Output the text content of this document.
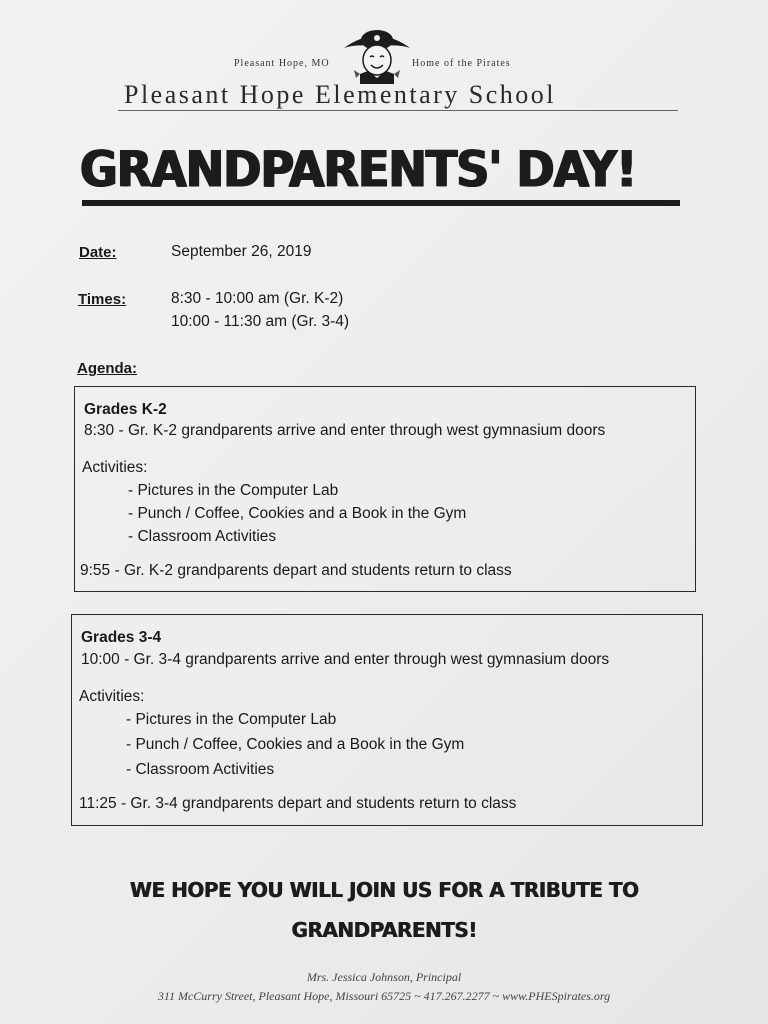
Pleasant Hope, MO	Home of the Pirates
Pleasant Hope Elementary School
GRANDPARENTS' DAY!
Date:	September 26, 2019
Times:	8:30 - 10:00 am (Gr. K-2)
10:00 - 11:30 am (Gr. 3-4)
Agenda:
Grades K-2
8:30 - Gr. K-2 grandparents arrive and enter through west gymnasium doors
Activities:
- Pictures in the Computer Lab
- Punch / Coffee, Cookies and a Book in the Gym
- Classroom Activities
9:55 - Gr. K-2 grandparents depart and students return to class
Grades 3-4
10:00 - Gr. 3-4 grandparents arrive and enter through west gymnasium doors
Activities:
- Pictures in the Computer Lab
- Punch / Coffee, Cookies and a Book in the Gym
- Classroom Activities
11:25 - Gr. 3-4 grandparents depart and students return to class
WE HOPE YOU WILL JOIN US FOR A TRIBUTE TO
GRANDPARENTS!
Mrs. Jessica Johnson, Principal
311 McCurry Street, Pleasant Hope, Missouri 65725 ~ 417.267.2277 ~ www.PHESpirates.org
